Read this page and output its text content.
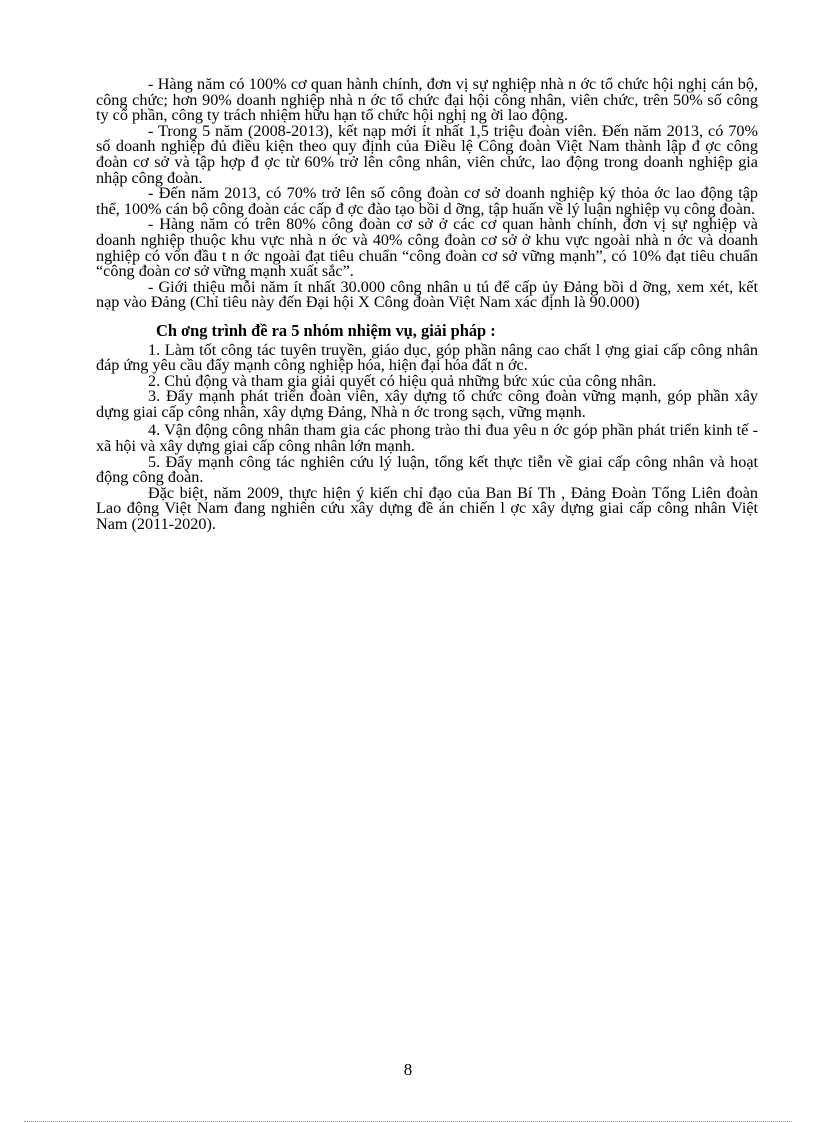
- Hàng năm có 100% cơ quan hành chính, đơn vị sự nghiệp nhà n ớc tổ chức hội nghị cán bộ, công chức; hơn 90% doanh nghiệp nhà n ớc tổ chức đại hội công nhân, viên chức, trên 50% số công ty cổ phần, công ty trách nhiệm hữu hạn tổ chức hội nghị ng ời lao động.

- Trong 5 năm (2008-2013), kết nạp mới ít nhất 1,5 triệu đoàn viên. Đến năm 2013, có 70% số doanh nghiệp đủ điều kiện theo quy định của Điều lệ Công đoàn Việt Nam thành lập đ ợc công đoàn cơ sở và tập hợp đ ợc từ 60% trở lên công nhân, viên chức, lao động trong doanh nghiệp gia nhập công đoàn.

- Đến năm 2013, có 70% trở lên số công đoàn cơ sở doanh nghiệp ký thỏa ớc lao động tập thể, 100% cán bộ công đoàn các cấp đ ợc đào tạo bồi d ỡng, tập huấn về lý luận nghiệp vụ công đoàn.

- Hàng năm có trên 80% công đoàn cơ sở ở các cơ quan hành chính, đơn vị sự nghiệp và doanh nghiệp thuộc khu vực nhà n ớc và 40% công đoàn cơ sở ở khu vực ngoài nhà n ớc và doanh nghiệp có vốn đầu t n ớc ngoài đạt tiêu chuẩn “công đoàn cơ sở vững mạnh”, có 10% đạt tiêu chuẩn “công đoàn cơ sở vững mạnh xuất sắc”.

- Giới thiệu mỗi năm ít nhất 30.000 công nhân u tú để cấp ủy Đảng bồi d ỡng, xem xét, kết nạp vào Đảng (Chỉ tiêu này đến Đại hội X Công đoàn Việt Nam xác định là 90.000)

Ch ơng trình đề ra 5 nhóm nhiệm vụ, giải pháp :

1. Làm tốt công tác tuyên truyền, giáo dục, góp phần nâng cao chất l ợng giai cấp công nhân đáp ứng yêu cầu đẩy mạnh công nghiệp hóa, hiện đại hóa đất n ớc.

2. Chủ động và tham gia giải quyết có hiệu quả những bức xúc của công nhân.

3. Đẩy mạnh phát triển đoàn viên, xây dựng tổ chức công đoàn vững mạnh, góp phần xây dựng giai cấp công nhân, xây dựng Đảng, Nhà n ớc trong sạch, vững mạnh.

4. Vận động công nhân tham gia các phong trào thi đua yêu n ớc góp phần phát triển kinh tế - xã hội và xây dựng giai cấp công nhân lớn mạnh.

5. Đẩy mạnh công tác nghiên cứu lý luận, tổng kết thực tiễn về giai cấp công nhân và hoạt động công đoàn.

Đặc biệt, năm 2009, thực hiện ý kiến chỉ đạo của Ban Bí Th , Đảng Đoàn Tổng Liên đoàn Lao động Việt Nam đang nghiên cứu xây dựng đề án chiến l ợc xây dựng giai cấp công nhân Việt Nam (2011-2020).

8
